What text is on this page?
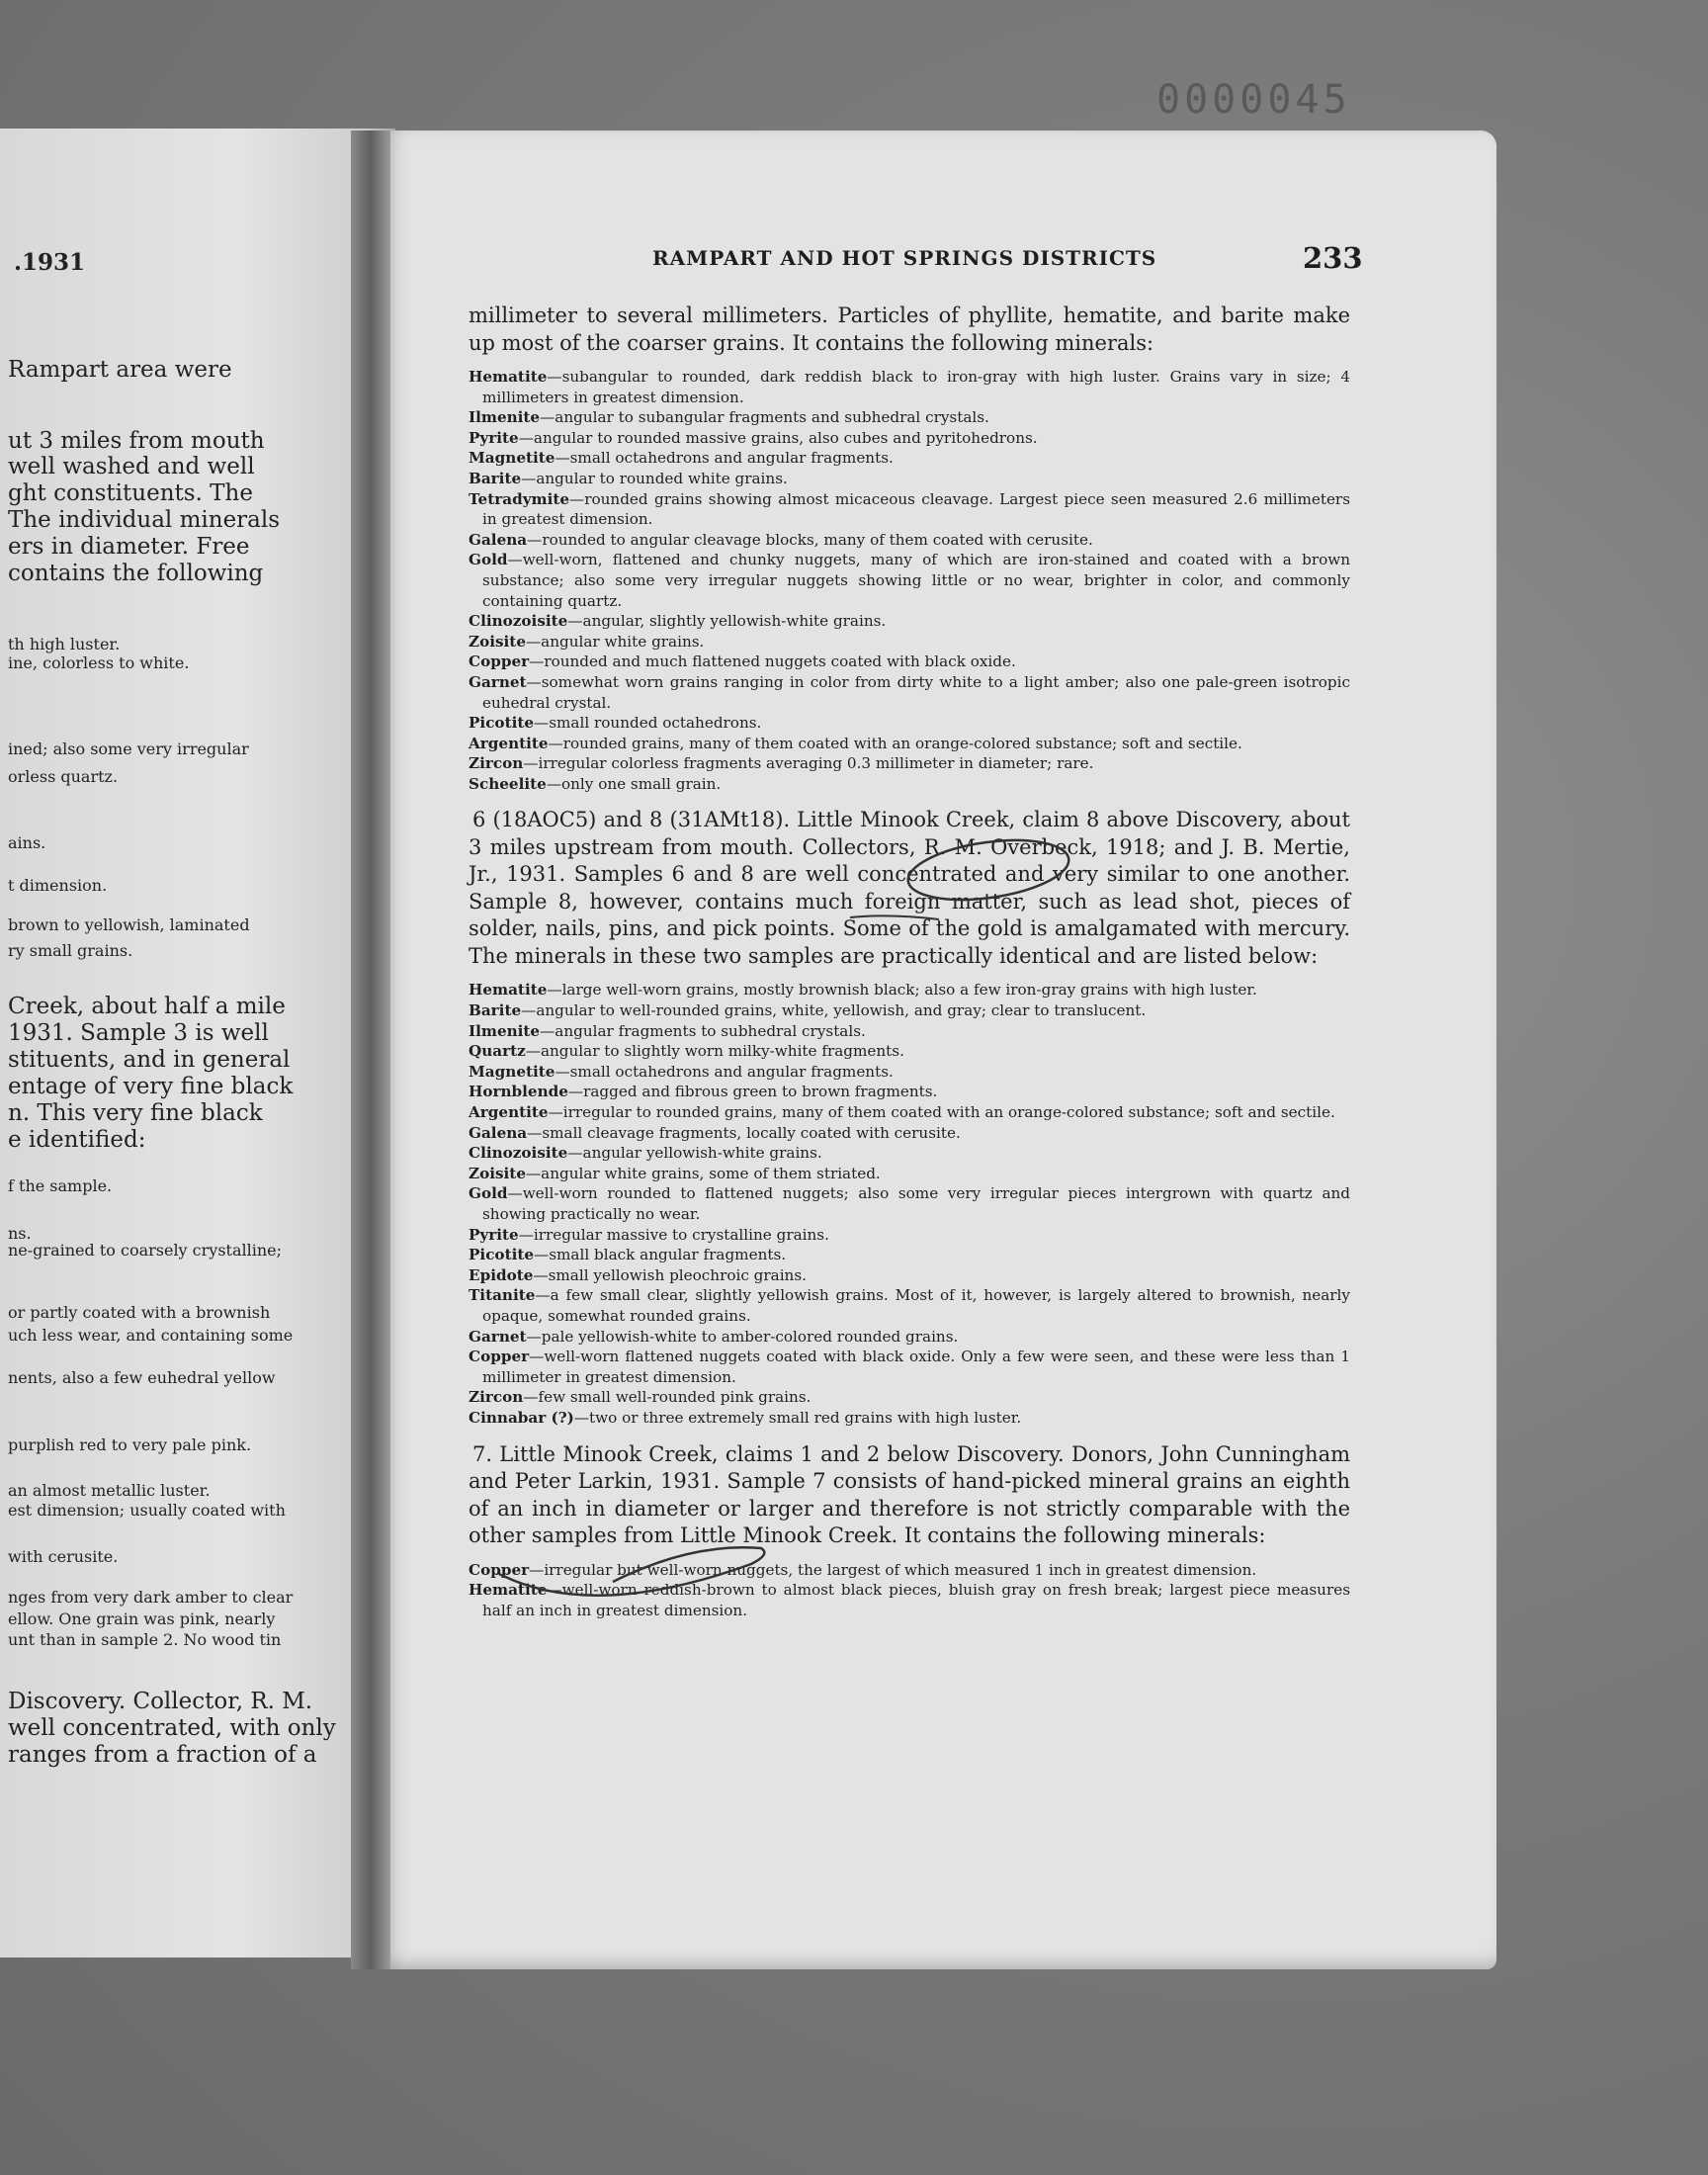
0000045
.1931
Rampart area were
ut 3 miles from mouth
well washed and well
ght constituents. The
The individual minerals
ers in diameter. Free
contains the following
th high luster.
ine, colorless to white.
ined; also some very irregular
orless quartz.
ains.
t dimension.
brown to yellowish, laminated
ry small grains.
Creek, about half a mile
1931. Sample 3 is well
stituents, and in general
entage of very fine black
n. This very fine black
e identified:
f the sample.
ns.
ne-grained to coarsely crystalline;
or partly coated with a brownish
uch less wear, and containing some
nents, also a few euhedral yellow
purplish red to very pale pink.
an almost metallic luster.
est dimension; usually coated with
with cerusite.
nges from very dark amber to clear
ellow. One grain was pink, nearly
unt than in sample 2. No wood tin
Discovery. Collector, R. M.
well concentrated, with only
ranges from a fraction of a
RAMPART AND HOT SPRINGS DISTRICTS	233

millimeter to several millimeters. Particles of phyllite, hematite, and barite make up most of the coarser grains. It contains the following minerals:

Hematite—subangular to rounded, dark reddish black to iron-gray with high luster. Grains vary in size; 4 millimeters in greatest dimension.
Ilmenite—angular to subangular fragments and subhedral crystals.
Pyrite—angular to rounded massive grains, also cubes and pyritohedrons.
Magnetite—small octahedrons and angular fragments.
Barite—angular to rounded white grains.
Tetradymite—rounded grains showing almost micaceous cleavage. Largest piece seen measured 2.6 millimeters in greatest dimension.
Galena—rounded to angular cleavage blocks, many of them coated with cerusite.
Gold—well-worn, flattened and chunky nuggets, many of which are iron-stained and coated with a brown substance; also some very irregular nuggets showing little or no wear, brighter in color, and commonly containing quartz.
Clinozoisite—angular, slightly yellowish-white grains.
Zoisite—angular white grains.
Copper—rounded and much flattened nuggets coated with black oxide.
Garnet—somewhat worn grains ranging in color from dirty white to a light amber; also one pale-green isotropic euhedral crystal.
Picotite—small rounded octahedrons.
Argentite—rounded grains, many of them coated with an orange-colored substance; soft and sectile.
Zircon—irregular colorless fragments averaging 0.3 millimeter in diameter; rare.
Scheelite—only one small grain.

6 (18AOC5) and 8 (31AMt18). Little Minook Creek, claim 8 above Discovery, about 3 miles upstream from mouth. Collectors, R. M. Overbeck, 1918; and J. B. Mertie, Jr., 1931. Samples 6 and 8 are well concentrated and very similar to one another. Sample 8, however, contains much foreign matter, such as lead shot, pieces of solder, nails, pins, and pick points. Some of the gold is amalgamated with mercury. The minerals in these two samples are practically identical and are listed below:

Hematite—large well-worn grains, mostly brownish black; also a few iron-gray grains with high luster.
Barite—angular to well-rounded grains, white, yellowish, and gray; clear to translucent.
Ilmenite—angular fragments to subhedral crystals.
Quartz—angular to slightly worn milky-white fragments.
Magnetite—small octahedrons and angular fragments.
Hornblende—ragged and fibrous green to brown fragments.
Argentite—irregular to rounded grains, many of them coated with an orange-colored substance; soft and sectile.
Galena—small cleavage fragments, locally coated with cerusite.
Clinozoisite—angular yellowish-white grains.
Zoisite—angular white grains, some of them striated.
Gold—well-worn rounded to flattened nuggets; also some very irregular pieces intergrown with quartz and showing practically no wear.
Pyrite—irregular massive to crystalline grains.
Picotite—small black angular fragments.
Epidote—small yellowish pleochroic grains.
Titanite—a few small clear, slightly yellowish grains. Most of it, however, is largely altered to brownish, nearly opaque, somewhat rounded grains.
Garnet—pale yellowish-white to amber-colored rounded grains.
Copper—well-worn flattened nuggets coated with black oxide. Only a few were seen, and these were less than 1 millimeter in greatest dimension.
Zircon—few small well-rounded pink grains.
Cinnabar (?)—two or three extremely small red grains with high luster.

7. Little Minook Creek, claims 1 and 2 below Discovery. Donors, John Cunningham and Peter Larkin, 1931. Sample 7 consists of hand-picked mineral grains an eighth of an inch in diameter or larger and therefore is not strictly comparable with the other samples from Little Minook Creek. It contains the following minerals:

Copper—irregular but well-worn nuggets, the largest of which measured 1 inch in greatest dimension.
Hematite—well-worn reddish-brown to almost black pieces, bluish gray on fresh break; largest piece measures half an inch in greatest dimension.
